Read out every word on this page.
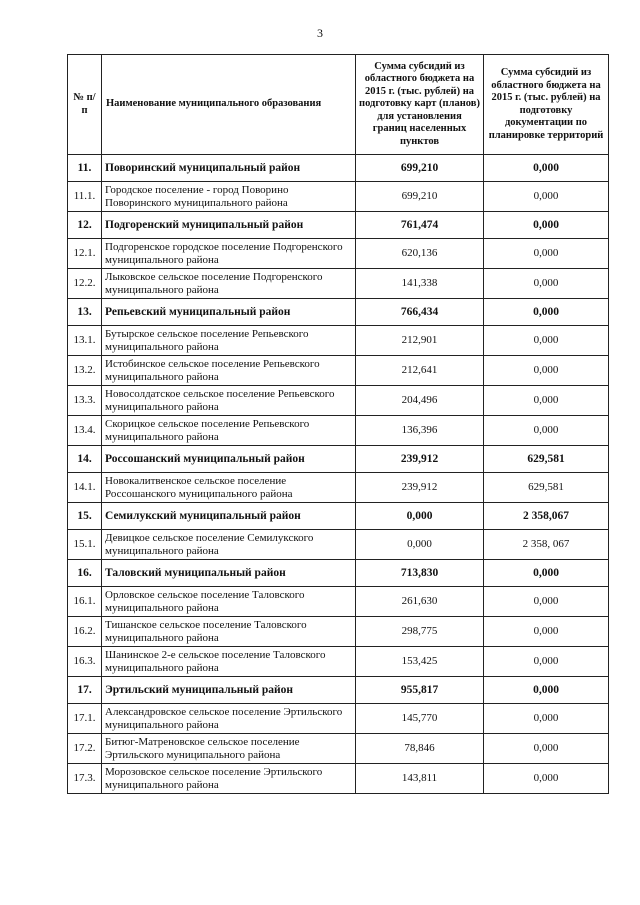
3
№ п/п	Наименование муниципального образования	Сумма субсидий из областного бюджета на 2015 г. (тыс. рублей) на подготовку карт (планов) для установления границ населенных пунктов	Сумма субсидий из областного бюджета на 2015 г. (тыс. рублей) на подготовку документации по планировке территорий
11.	Поворинский муниципальный район	699,210	0,000
11.1.	Городское поселение - город Поворино Поворинского муниципального района	699,210	0,000
12.	Подгоренский муниципальный район	761,474	0,000
12.1.	Подгоренское городское поселение Подгоренского муниципального района	620,136	0,000
12.2.	Лыковское сельское поселение Подгоренского муниципального района	141,338	0,000
13.	Репьевский муниципальный район	766,434	0,000
13.1.	Бутырское сельское поселение Репьевского муниципального района	212,901	0,000
13.2.	Истобинское сельское поселение Репьевского муниципального района	212,641	0,000
13.3.	Новосолдатское сельское поселение Репьевского муниципального района	204,496	0,000
13.4.	Скорицкое сельское поселение Репьевского муниципального района	136,396	0,000
14.	Россошанский муниципальный район	239,912	629,581
14.1.	Новокалитвенское сельское поселение Россошанского муниципального района	239,912	629,581
15.	Семилукский муниципальный район	0,000	2 358,067
15.1.	Девицкое сельское поселение Семилукского муниципального района	0,000	2 358, 067
16.	Таловский муниципальный район	713,830	0,000
16.1.	Орловское сельское поселение Таловского муниципального района	261,630	0,000
16.2.	Тишанское сельское поселение Таловского муниципального района	298,775	0,000
16.3.	Шанинское 2-е сельское поселение Таловского муниципального района	153,425	0,000
17.	Эртильский муниципальный район	955,817	0,000
17.1.	Александровское сельское поселение Эртильского муниципального района	145,770	0,000
17.2.	Битюг-Матреновское сельское поселение Эртильского муниципального района	78,846	0,000
17.3.	Морозовское сельское поселение Эртильского муниципального района	143,811	0,000
